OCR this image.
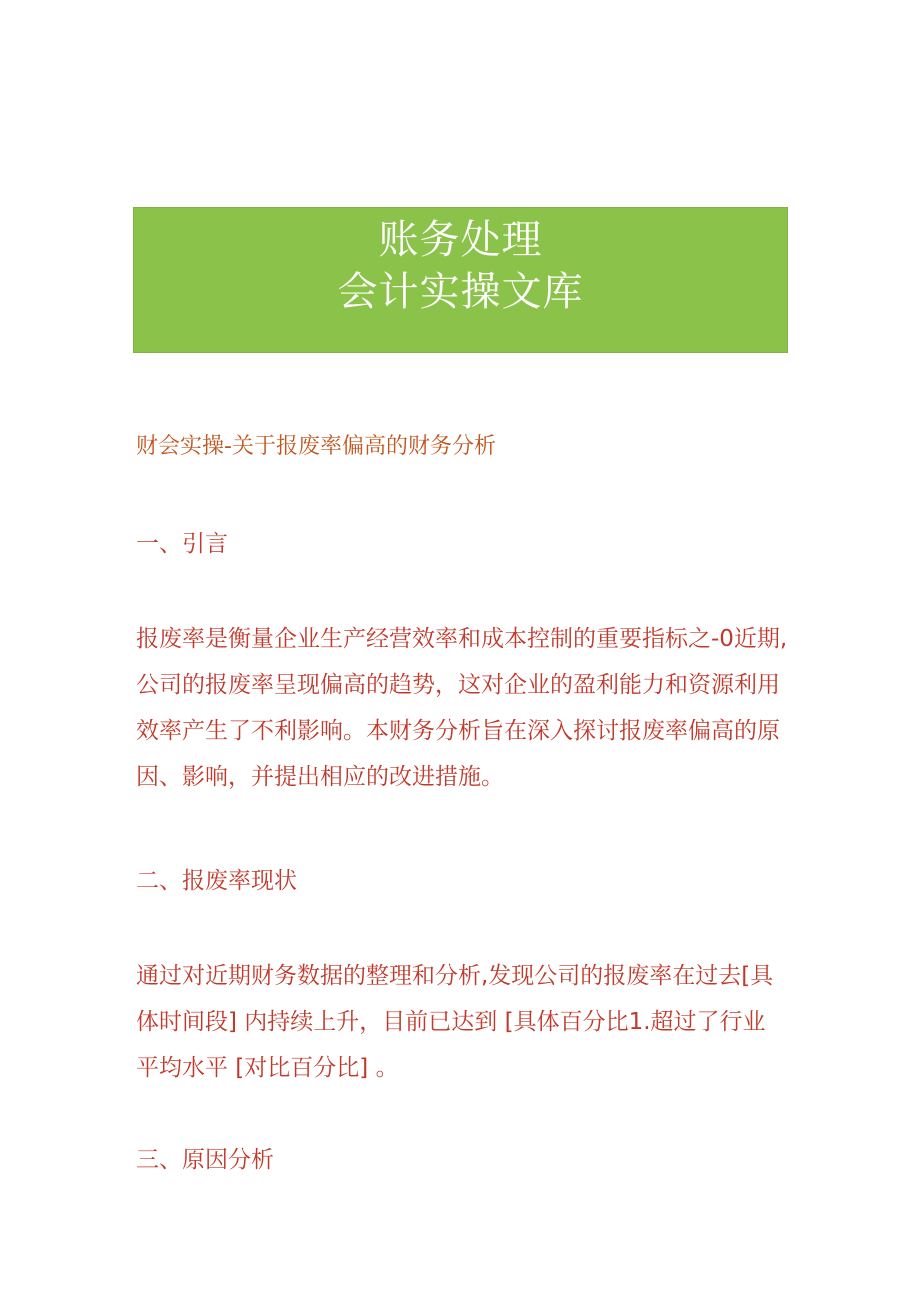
账务处理
会计实操文库
财会实操-关于报废率偏高的财务分析
一、引言
报废率是衡量企业生产经营效率和成本控制的重要指标之-0近期,
公司的报废率呈现偏高的趋势，这对企业的盈利能力和资源利用
效率产生了不利影响。本财务分析旨在深入探讨报废率偏高的原
因、影响，并提出相应的改进措施。
二、报废率现状
通过对近期财务数据的整理和分析,发现公司的报废率在过去[具
体时间段] 内持续上升，目前已达到 [具体百分比1.超过了行业
平均水平 [对比百分比] 。
三、原因分析
